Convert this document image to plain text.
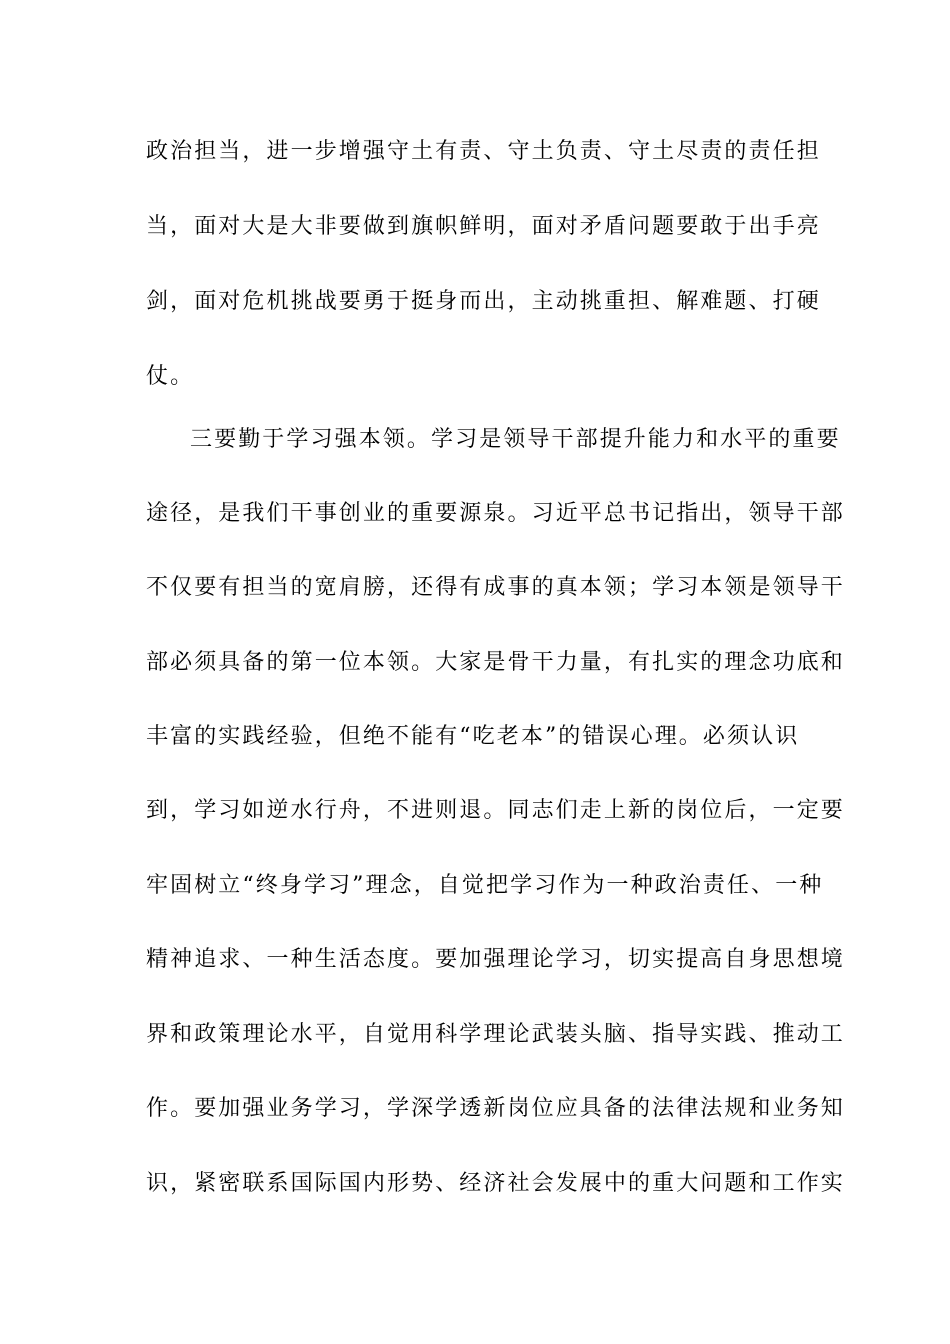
政治担当，进一步增强守土有责、守土负责、守土尽责的责任担
当，面对大是大非要做到旗帜鲜明，面对矛盾问题要敢于出手亮
剑，面对危机挑战要勇于挺身而出，主动挑重担、解难题、打硬
仗。
三要勤于学习强本领。学习是领导干部提升能力和水平的重要
途径，是我们干事创业的重要源泉。习近平总书记指出，领导干部
不仅要有担当的宽肩膀，还得有成事的真本领；学习本领是领导干
部必须具备的第一位本领。大家是骨干力量，有扎实的理念功底和
丰富的实践经验，但绝不能有“吃老本”的错误心理。必须认识
到，学习如逆水行舟，不进则退。同志们走上新的岗位后，一定要
牢固树立“终身学习”理念，自觉把学习作为一种政治责任、一种
精神追求、一种生活态度。要加强理论学习，切实提高自身思想境
界和政策理论水平，自觉用科学理论武装头脑、指导实践、推动工
作。要加强业务学习，学深学透新岗位应具备的法律法规和业务知
识，紧密联系国际国内形势、经济社会发展中的重大问题和工作实
